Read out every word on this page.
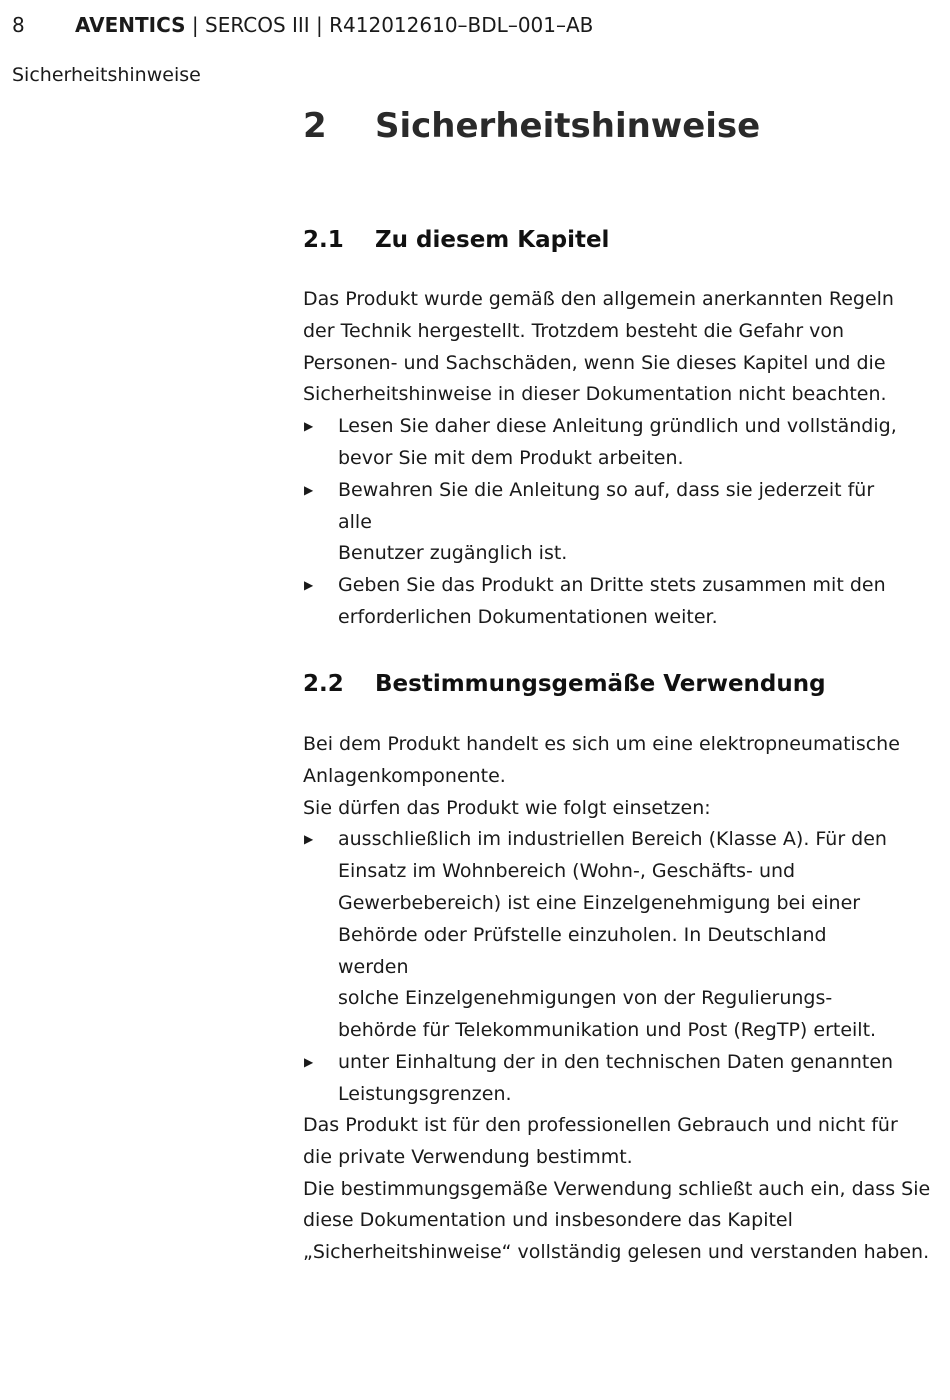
8	AVENTICS | SERCOS III | R412012610–BDL–001–AB
Sicherheitshinweise
2	Sicherheitshinweise
2.1	Zu diesem Kapitel

Das Produkt wurde gemäß den allgemein anerkannten Regeln
der Technik hergestellt. Trotzdem besteht die Gefahr von
Personen- und Sachschäden, wenn Sie dieses Kapitel und die
Sicherheitshinweise in dieser Dokumentation nicht beachten.

▶	Lesen Sie daher diese Anleitung gründlich und vollständig,
bevor Sie mit dem Produkt arbeiten.
▶	Bewahren Sie die Anleitung so auf, dass sie jederzeit für alle
Benutzer zugänglich ist.
▶	Geben Sie das Produkt an Dritte stets zusammen mit den
erforderlichen Dokumentationen weiter.
2.2	Bestimmungsgemäße Verwendung

Bei dem Produkt handelt es sich um eine elektropneumatische
Anlagenkomponente.
Sie dürfen das Produkt wie folgt einsetzen:

▶	ausschließlich im industriellen Bereich (Klasse A). Für den
Einsatz im Wohnbereich (Wohn-, Geschäfts- und
Gewerbebereich) ist eine Einzelgenehmigung bei einer
Behörde oder Prüfstelle einzuholen. In Deutschland werden
solche Einzelgenehmigungen von der Regulierungs-
behörde für Telekommunikation und Post (RegTP) erteilt.
▶	unter Einhaltung der in den technischen Daten genannten
Leistungsgrenzen.

Das Produkt ist für den professionellen Gebrauch und nicht für
die private Verwendung bestimmt.
Die bestimmungsgemäße Verwendung schließt auch ein, dass Sie
diese Dokumentation und insbesondere das Kapitel
„Sicherheitshinweise“ vollständig gelesen und verstanden haben.
